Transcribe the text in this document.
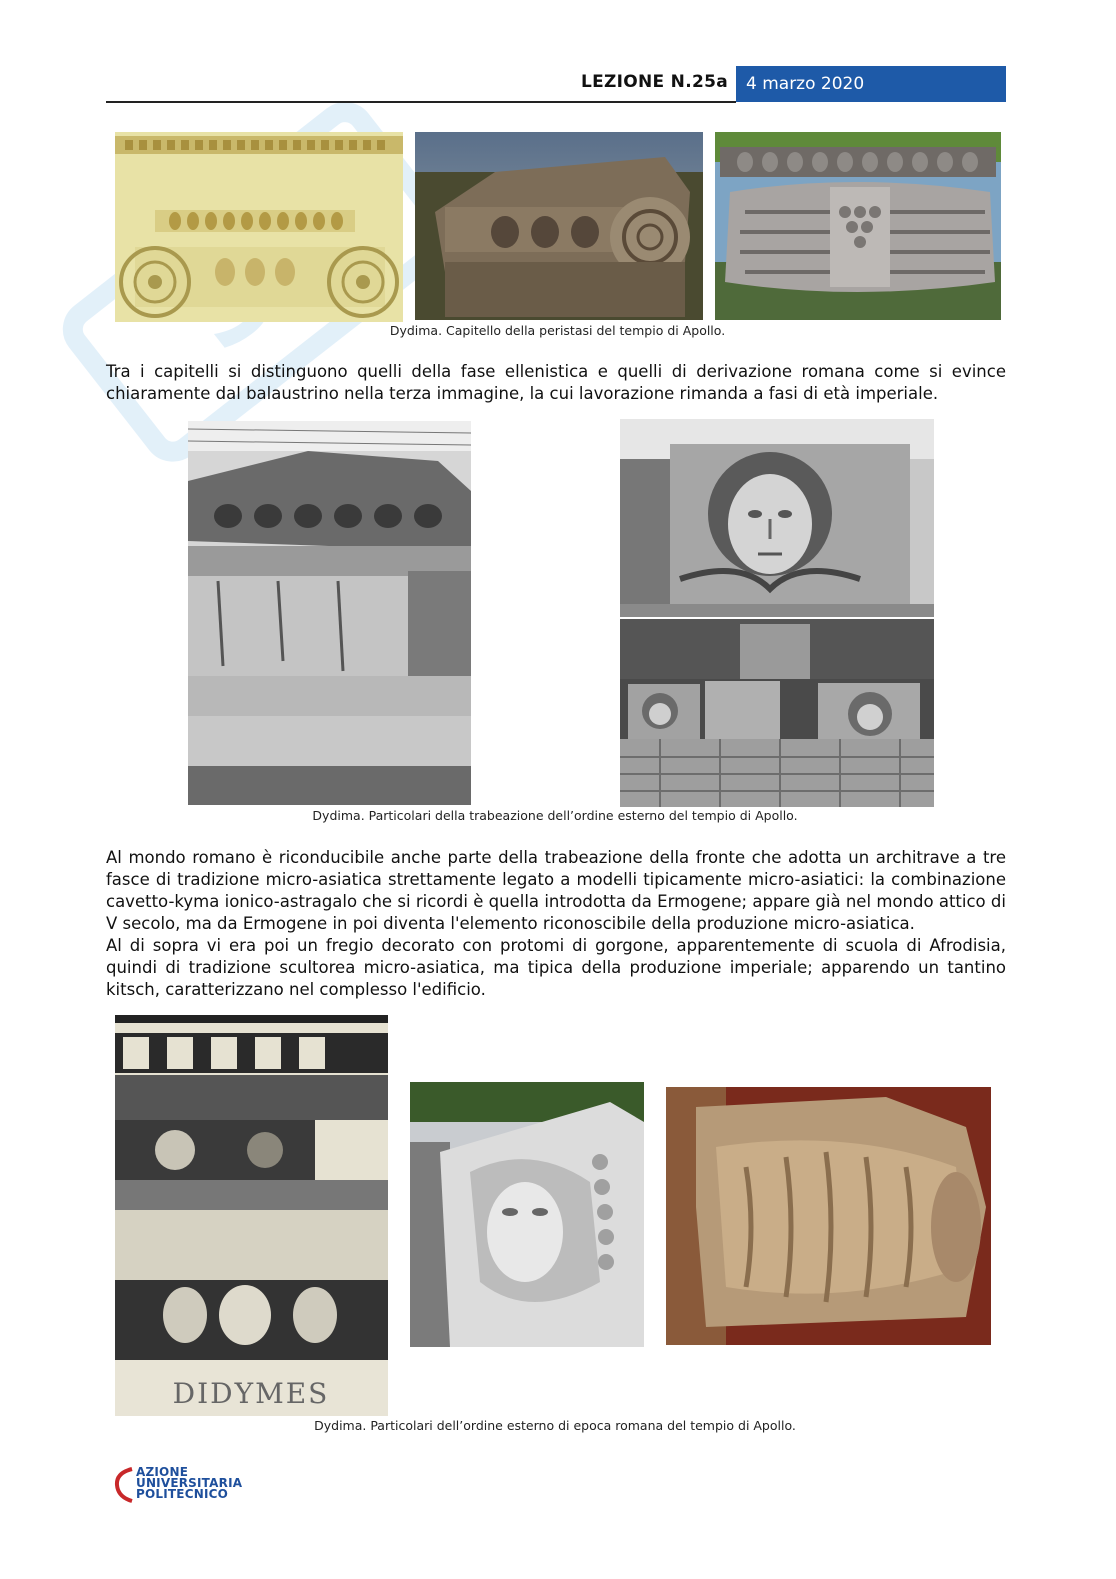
LEZIONE N.25a	4 marzo 2020
Dydima. Capitello della peristasi del tempio di Apollo.

Tra i capitelli si distinguono quelli della fase ellenistica e quelli di derivazione romana come si evince chiaramente dal balaustrino nella terza immagine, la cui lavorazione rimanda a fasi di età imperiale.

Dydima. Particolari della trabeazione dell’ordine esterno del tempio di Apollo.

Al mondo romano è riconducibile anche parte della trabeazione della fronte che adotta un architrave a tre fasce di tradizione micro-asiatica strettamente legato a modelli tipicamente micro-asiatici: la combinazione cavetto-kyma ionico-astragalo che si ricordi è quella introdotta da Ermogene; appare già nel mondo attico di V secolo, ma da Ermogene in poi diventa l'elemento riconoscibile della produzione micro-asiatica.

Al di sopra vi era poi un fregio decorato con protomi di gorgone, apparentemente di scuola di Afrodisia, quindi di tradizione scultorea micro-asiatica, ma tipica della produzione imperiale; apparendo un tantino kitsch, caratterizzano nel complesso l'edificio.

DIDYMES
Dydima. Particolari dell’ordine esterno di epoca romana del tempio di Apollo.
AZIONE
UNIVERSITARIA
POLITECNICO
